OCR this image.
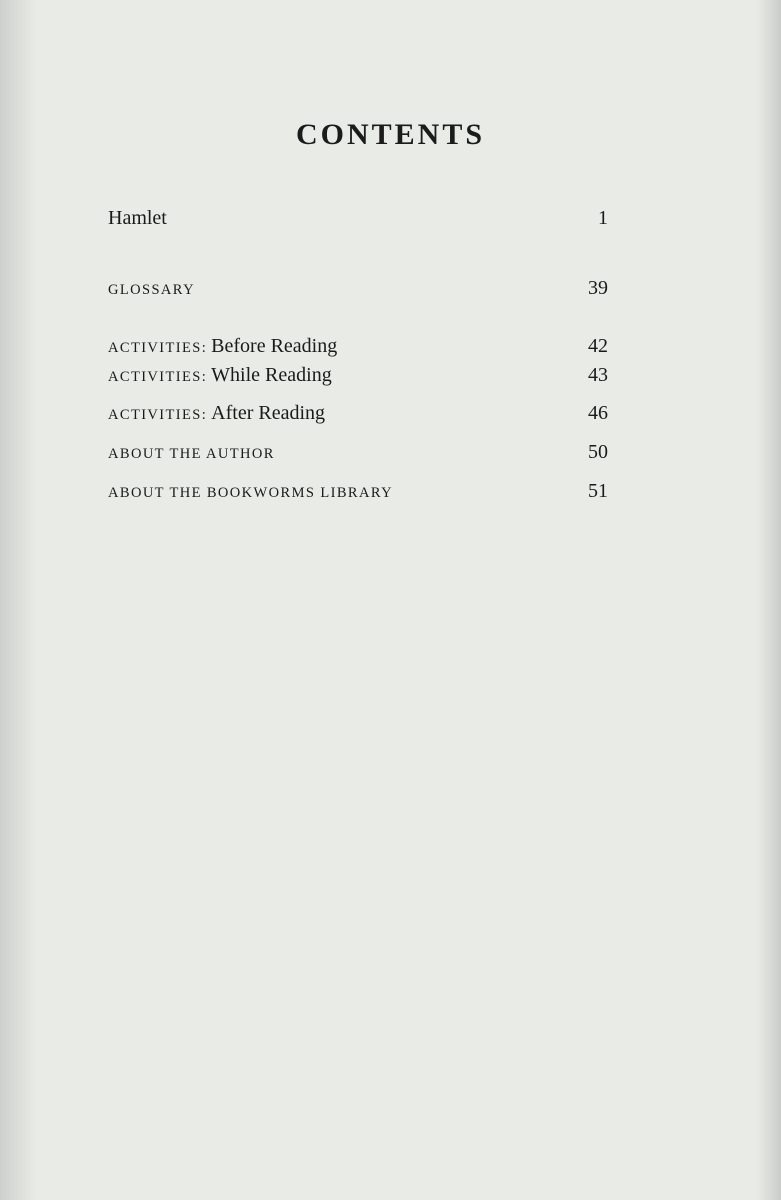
CONTENTS
Hamlet	1
GLOSSARY	39
ACTIVITIES: Before Reading	42
ACTIVITIES: While Reading	43
ACTIVITIES: After Reading	46
ABOUT THE AUTHOR	50
ABOUT THE BOOKWORMS LIBRARY	51
